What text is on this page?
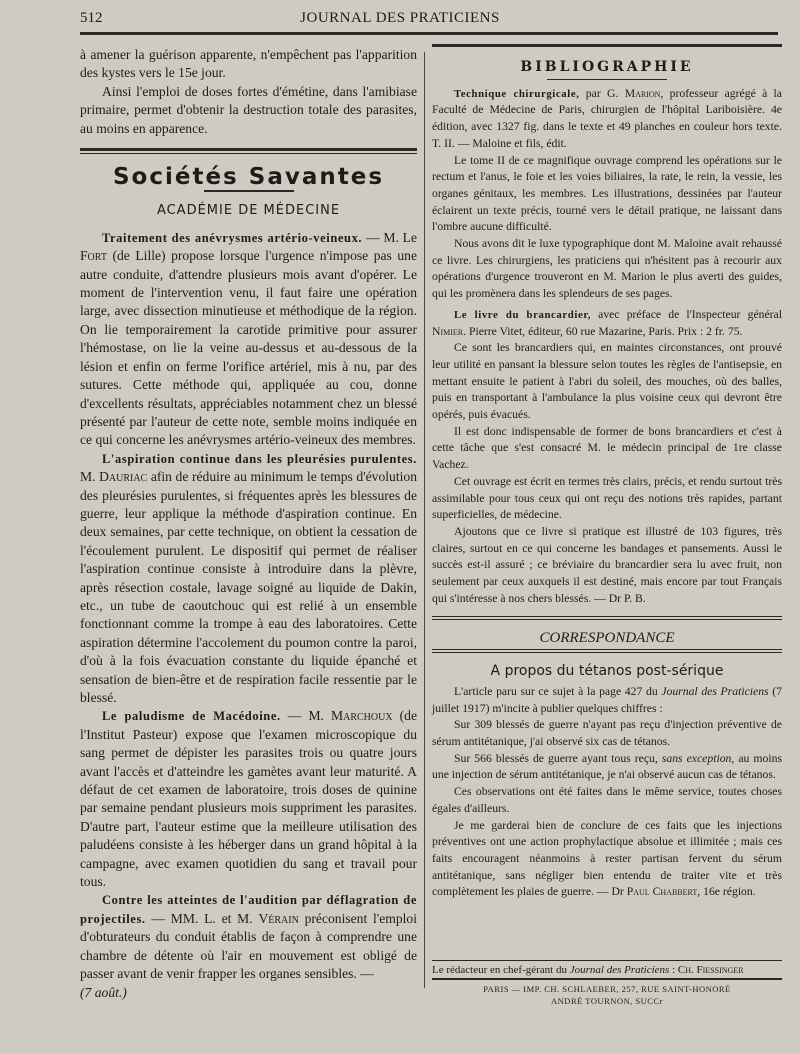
512	JOURNAL DES PRATICIENS

à amener la guérison apparente, n'empêchent pas l'apparition des kystes vers le 15e jour.

Ainsi l'emploi de doses fortes d'émétine, dans l'amibiase primaire, permet d'obtenir la destruction totale des parasites, au moins en apparence.

Sociétés Savantes
ACADÉMIE DE MÉDECINE

Traitement des anévrysmes artério-veineux. — M. Le Fort (de Lille) propose lorsque l'urgence n'impose pas une autre conduite, d'attendre plusieurs mois avant d'opérer. Le moment de l'intervention venu, il faut faire une opération large, avec dissection minutieuse et méthodique de la région. On lie temporairement la carotide primitive pour assurer l'hémostase, on lie la veine au-dessus et au-dessous de la lésion et enfin on ferme l'orifice artériel, mis à nu, par des sutures. Cette méthode qui, appliquée au cou, donne d'excellents résultats, appréciables notamment chez un blessé présenté par l'auteur de cette note, semble moins indiquée en ce qui concerne les anévrysmes artério-veineux des membres.

L'aspiration continue dans les pleurésies purulentes. M. Dauriac afin de réduire au minimum le temps d'évolution des pleurésies purulentes, si fréquentes après les blessures de guerre, leur applique la méthode d'aspiration continue. En deux semaines, par cette technique, on obtient la cessation de l'écoulement purulent. Le dispositif qui permet de réaliser l'aspiration continue consiste à introduire dans la plèvre, après résection costale, lavage soigné au liquide de Dakin, etc., un tube de caoutchouc qui est relié à un ensemble fonctionnant comme la trompe à eau des laboratoires. Cette aspiration détermine l'accolement du poumon contre la paroi, d'où à la fois évacuation constante du liquide épanché et sensation de bien-être et de respiration facile ressentie par le blessé.

Le paludisme de Macédoine. — M. Marchoux (de l'Institut Pasteur) expose que l'examen microscopique du sang permet de dépister les parasites trois ou quatre jours avant l'accès et d'atteindre les gamètes avant leur maturité. A défaut de cet examen de laboratoire, trois doses de quinine par semaine pendant plusieurs mois suppriment les parasites. D'autre part, l'auteur estime que la meilleure utilisation des paludéens consiste à les héberger dans un grand hôpital à la campagne, avec examen quotidien du sang et travail pour tous.

Contre les atteintes de l'audition par déflagration de projectiles. — MM. L. et M. Vérain préconisent l'emploi d'obturateurs du conduit établis de façon à comprendre une chambre de détente où l'air en mouvement est obligé de passer avant de venir frapper les organes sensibles. —

(7 août.)

BIBLIOGRAPHIE

Technique chirurgicale, par G. Marion, professeur agrégé à la Faculté de Médecine de Paris, chirurgien de l'hôpital Lariboisière. 4e édition, avec 1327 fig. dans le texte et 49 planches en couleur hors texte. T. II. — Maloine et fils, édit.

Le tome II de ce magnifique ouvrage comprend les opérations sur le rectum et l'anus, le foie et les voies biliaires, la rate, le rein, la vessie, les organes génitaux, les membres. Les illustrations, dessinées par l'auteur éclairent un texte précis, tourné vers le détail pratique, ne laissant dans l'ombre aucune difficulté.

Nous avons dit le luxe typographique dont M. Maloine avait rehaussé ce livre. Les chirurgiens, les praticiens qui n'hésitent pas à recourir aux opérations d'urgence trouveront en M. Marion le plus averti des guides, qui les promènera dans les splendeurs de ses pages.

Le livre du brancardier, avec préface de l'Inspecteur général Nimier. Pierre Vitet, éditeur, 60 rue Mazarine, Paris. Prix : 2 fr. 75.

Ce sont les brancardiers qui, en maintes circonstances, ont prouvé leur utilité en pansant la blessure selon toutes les règles de l'antisepsie, en mettant ensuite le patient à l'abri du soleil, des mouches, où des balles, puis en transportant à l'ambulance la plus voisine ceux qui devront être opérés, puis évacués.

Il est donc indispensable de former de bons brancardiers et c'est à cette tâche que s'est consacré M. le médecin principal de 1re classe Vachez.

Cet ouvrage est écrit en termes très clairs, précis, et rendu surtout très assimilable pour tous ceux qui ont reçu des notions très rapides, partant superficielles, de médecine.

Ajoutons que ce livre si pratique est illustré de 103 figures, très claires, surtout en ce qui concerne les bandages et pansements. Aussi le succès est-il assuré ; ce bréviaire du brancardier sera lu avec fruit, non seulement par ceux auxquels il est destiné, mais encore par tout Français qui s'intéresse à nos chers blessés. — Dr P. B.

CORRESPONDANCE
A propos du tétanos post-sérique

L'article paru sur ce sujet à la page 427 du Journal des Praticiens (7 juillet 1917) m'incite à publier quelques chiffres :

Sur 309 blessés de guerre n'ayant pas reçu d'injection préventive de sérum antitétanique, j'ai observé six cas de tétanos.

Sur 566 blessés de guerre ayant tous reçu, sans exception, au moins une injection de sérum antitétanique, je n'ai observé aucun cas de tétanos.

Ces observations ont été faites dans le même service, toutes choses égales d'ailleurs.

Je me garderai bien de conclure de ces faits que les injections préventives ont une action prophylactique absolue et illimitée ; mais ces faits encouragent néanmoins à rester partisan fervent du sérum antitétanique, sans négliger bien entendu de traiter vite et très complètement les plaies de guerre. — Dr Paul Chabbert, 16e région.

Le rédacteur en chef-gérant du Journal des Praticiens : Ch. Fiessinger
PARIS — IMP. CH. SCHLAEBER, 257, RUE SAINT-HONORÉ
ANDRÉ TOURNON, SUCCr
